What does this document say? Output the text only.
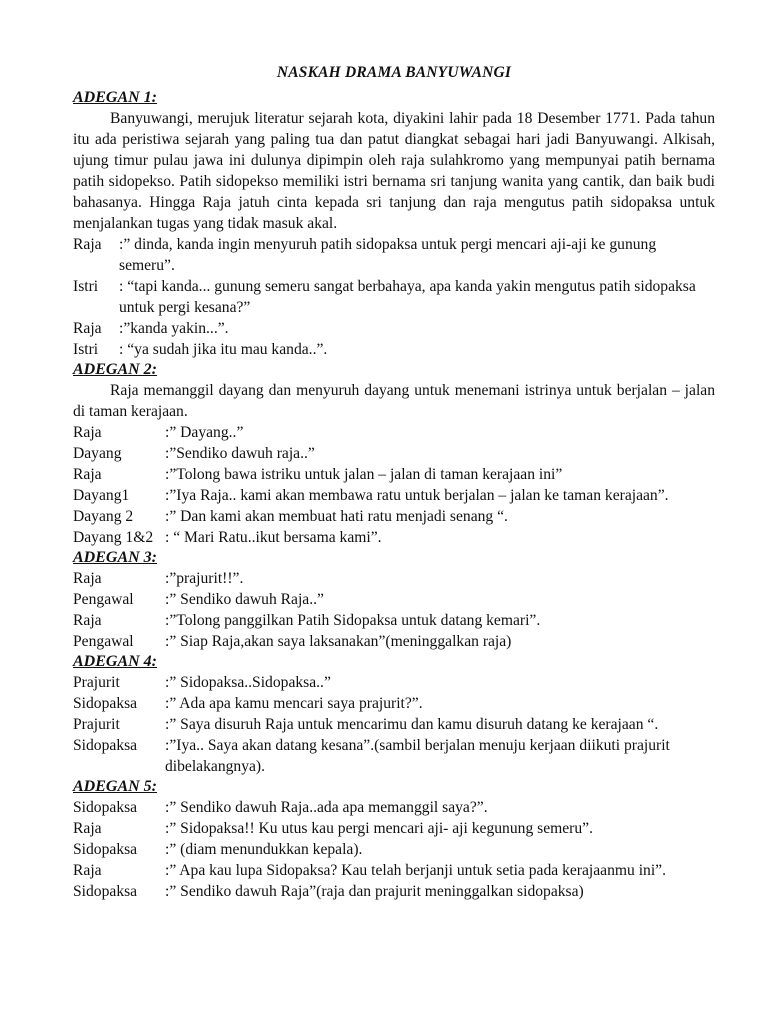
NASKAH DRAMA BANYUWANGI
ADEGAN 1:

Banyuwangi, merujuk literatur sejarah kota, diyakini lahir pada 18 Desember 1771. Pada tahun itu ada peristiwa sejarah yang paling tua dan patut diangkat sebagai hari jadi Banyuwangi. Alkisah, ujung timur pulau jawa ini dulunya dipimpin oleh raja sulahkromo yang mempunyai patih bernama patih sidopekso. Patih sidopekso memiliki istri bernama sri tanjung wanita yang cantik, dan baik budi bahasanya. Hingga Raja jatuh cinta kepada sri tanjung dan raja mengutus patih sidopaksa untuk menjalankan tugas yang tidak masuk akal.

Raja	:” dinda, kanda ingin menyuruh patih sidopaksa untuk pergi mencari aji-aji ke gunung semeru”.
Istri	: “tapi kanda... gunung semeru sangat berbahaya, apa kanda yakin mengutus patih sidopaksa untuk pergi kesana?”
Raja	:”kanda yakin...”.
Istri	: “ya sudah jika itu mau kanda..”.
ADEGAN 2:

Raja memanggil dayang dan menyuruh dayang untuk menemani istrinya untuk berjalan – jalan di taman kerajaan.

Raja	:” Dayang..”
Dayang	:”Sendiko dawuh raja..”
Raja	:”Tolong bawa istriku untuk jalan – jalan di taman kerajaan ini”
Dayang1	:”Iya Raja.. kami akan membawa ratu untuk berjalan – jalan ke taman kerajaan”.
Dayang 2	:” Dan kami akan membuat hati ratu menjadi senang “.
Dayang 1&2 : “ Mari Ratu..ikut bersama kami”.
ADEGAN 3:
Raja	:”prajurit!!”.
Pengawal	:” Sendiko dawuh Raja..”
Raja	:”Tolong panggilkan Patih Sidopaksa untuk datang kemari”.
Pengawal	:” Siap Raja,akan saya laksanakan”(meninggalkan raja)
ADEGAN 4:
Prajurit	:” Sidopaksa..Sidopaksa..”
Sidopaksa	:” Ada apa kamu mencari saya prajurit?”.
Prajurit	:” Saya disuruh Raja untuk mencarimu dan kamu disuruh datang ke kerajaan “.
Sidopaksa	:”Iya.. Saya akan datang kesana”.(sambil berjalan menuju kerjaan diikuti prajurit dibelakangnya).
ADEGAN 5:
Sidopaksa	:” Sendiko dawuh Raja..ada apa memanggil saya?”.
Raja	:” Sidopaksa!! Ku utus kau pergi mencari aji- aji kegunung semeru”.
Sidopaksa	:” (diam menundukkan kepala).
Raja	:” Apa kau lupa Sidopaksa? Kau telah berjanji untuk setia pada kerajaanmu ini”.
Sidopaksa	:” Sendiko dawuh Raja”(raja dan prajurit meninggalkan sidopaksa)
